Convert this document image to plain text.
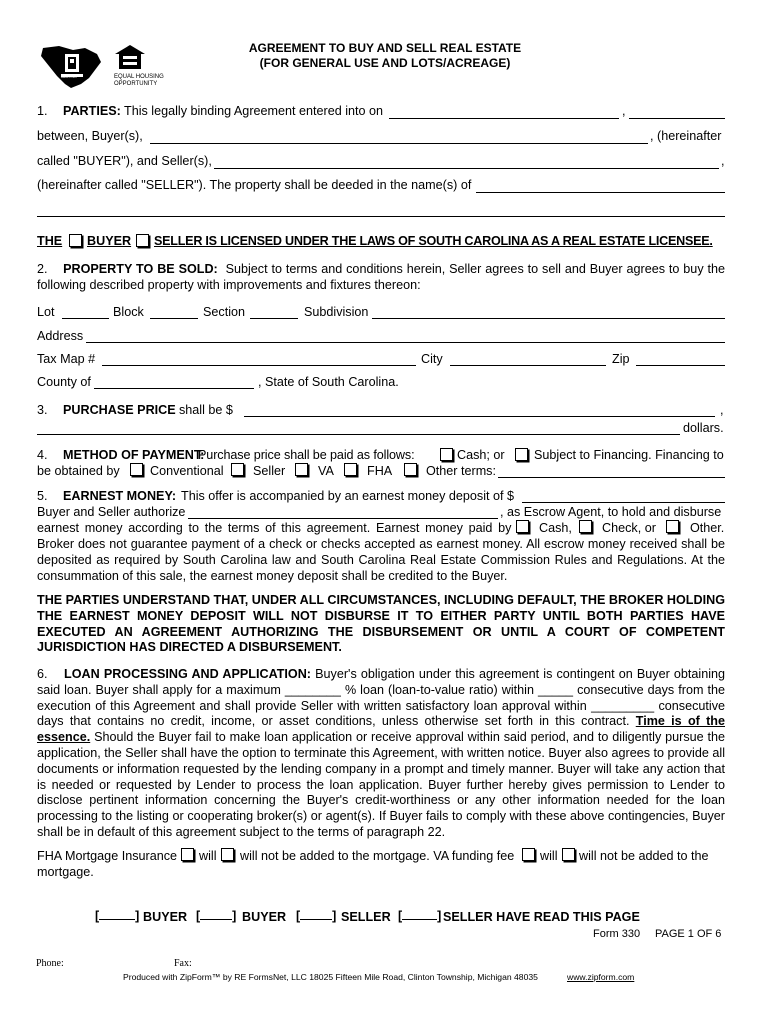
REALTOR®	EQUAL HOUSING
OPPORTUNITY
AGREEMENT TO BUY AND SELL REAL ESTATE
(FOR GENERAL USE AND LOTS/ACREAGE)
1. PARTIES: This legally binding Agreement entered into on	,
between, Buyer(s),	, (hereinafter
called "BUYER"), and Seller(s),	,
(hereinafter called "SELLER"). The property shall be deeded in the name(s) of
THE BUYER SELLER IS LICENSED UNDER THE LAWS OF SOUTH CAROLINA AS A REAL ESTATE LICENSEE.
2. PROPERTY TO BE SOLD: Subject to terms and conditions herein, Seller agrees to sell and Buyer agrees to buy the following described property with improvements and fixtures thereon:
Lot	Block	Section	Subdivision
Address
Tax Map #	City	Zip
County of	, State of South Carolina.
3. PURCHASE PRICE shall be $	,
dollars.
4. METHOD OF PAYMENT:
Purchase price shall be paid as follows:	Cash; or Subject to Financing. Financing to
be obtained by Conventional Seller	VA	FHA	Other terms:
5. EARNEST MONEY: This offer is accompanied by an earnest money deposit of $
Buyer and Seller authorize	, as Escrow Agent, to hold and disburse
earnest money according to the terms of this agreement. Earnest money paid by Cash, Check, or	Other.
Broker does not guarantee payment of a check or checks accepted as earnest money. All escrow money received shall be deposited as required by South Carolina law and South Carolina Real Estate Commission Rules and Regulations. At the consummation of this sale, the earnest money deposit shall be credited to the Buyer.
THE PARTIES UNDERSTAND THAT, UNDER ALL CIRCUMSTANCES, INCLUDING DEFAULT, THE BROKER HOLDING THE EARNEST MONEY DEPOSIT WILL NOT DISBURSE IT TO EITHER PARTY UNTIL BOTH PARTIES HAVE EXECUTED AN AGREEMENT AUTHORIZING THE DISBURSEMENT OR UNTIL A COURT OF COMPETENT JURISDICTION HAS DIRECTED A DISBURSEMENT.
6. LOAN PROCESSING AND APPLICATION: Buyer's obligation under this agreement is contingent on Buyer obtaining said loan. Buyer shall apply for a maximum ________ % loan (loan-to-value ratio) within _____ consecutive days from the execution of this Agreement and shall provide Seller with written satisfactory loan approval within _________ consecutive days that contains no credit, income, or asset conditions, unless otherwise set forth in this contract. Time is of the essence. Should the Buyer fail to make loan application or receive approval within said period, and to diligently pursue the application, the Seller shall have the option to terminate this Agreement, with written notice. Buyer also agrees to provide all documents or information requested by the lending company in a prompt and timely manner. Buyer will take any action that is needed or requested by Lender to process the loan application. Buyer further hereby gives permission to Lender to disclose pertinent information concerning the Buyer's credit-worthiness or any other information needed for the loan processing to the listing or cooperating broker(s) or agent(s). If Buyer fails to comply with these above contingencies, Buyer shall be in default of this agreement subject to the terms of paragraph 22.
FHA Mortgage Insurance will will not be added to the mortgage. VA funding fee will will not be added to the
mortgage.
[	] BUYER [	] BUYER [	] SELLER [	] SELLER HAVE READ THIS PAGE
Form 330 PAGE 1 OF 6
Phone:	Fax:
Produced with ZipForm™ by RE FormsNet, LLC 18025 Fifteen Mile Road, Clinton Township, Michigan 48035	www.zipform.com
